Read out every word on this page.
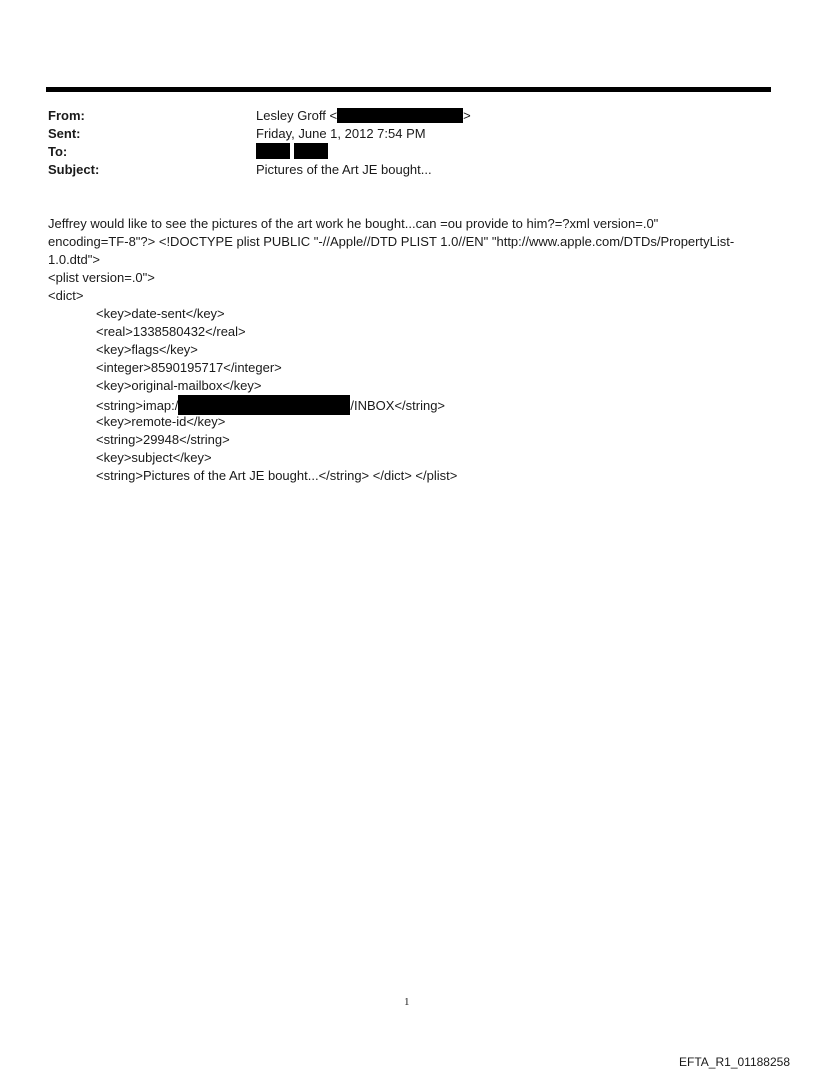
From:	Lesley Groff <	>
Sent:	Friday, June 1, 2012 7:54 PM
To:

Subject:	Pictures of the Art JE bought...
Jeffrey would like to see the pictures of the art work he bought...can =ou provide to him?=?xml version=.0"
encoding=TF-8"?> <!DOCTYPE plist PUBLIC "-//Apple//DTD PLIST 1.0//EN" "http://www.apple.com/DTDs/PropertyList-
1.0.dtd">
<plist version=.0">
<dict>
<key>date-sent</key>
<real>1338580432</real>
<key>flags</key>
<integer>8590195717</integer>
<key>original-mailbox</key>
<string>imap:/	/INBOX</string>
<key>remote-id</key>
<string>29948</string>
<key>subject</key>
<string>Pictures of the Art JE bought...</string> </dict> </plist>
1
EFTA_R1_01188258
